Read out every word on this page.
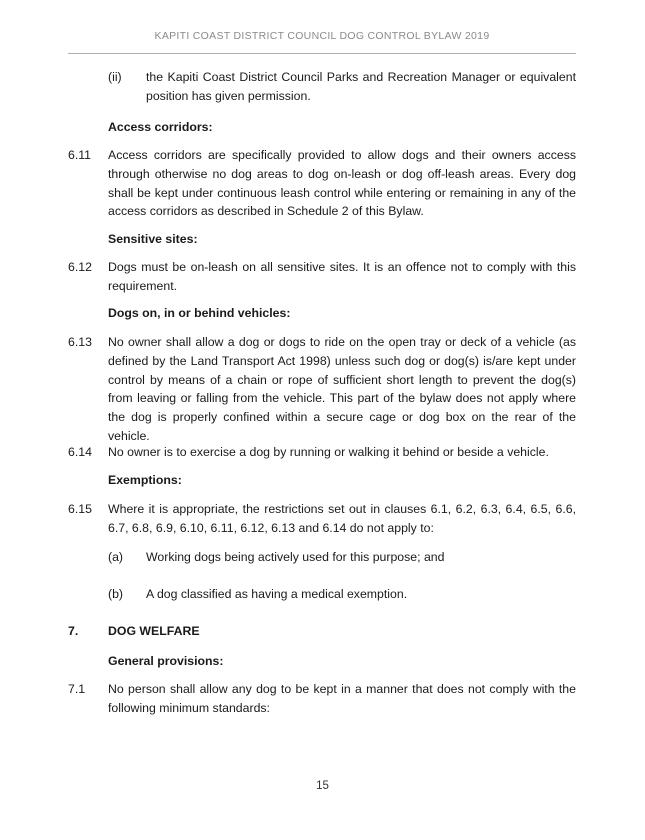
KAPITI COAST DISTRICT COUNCIL DOG CONTROL BYLAW 2019
(ii) the Kapiti Coast District Council Parks and Recreation Manager or equivalent position has given permission.
Access corridors:
6.11 Access corridors are specifically provided to allow dogs and their owners access through otherwise no dog areas to dog on-leash or dog off-leash areas. Every dog shall be kept under continuous leash control while entering or remaining in any of the access corridors as described in Schedule 2 of this Bylaw.
Sensitive sites:
6.12 Dogs must be on-leash on all sensitive sites. It is an offence not to comply with this requirement.
Dogs on, in or behind vehicles:
6.13 No owner shall allow a dog or dogs to ride on the open tray or deck of a vehicle (as defined by the Land Transport Act 1998) unless such dog or dog(s) is/are kept under control by means of a chain or rope of sufficient short length to prevent the dog(s) from leaving or falling from the vehicle. This part of the bylaw does not apply where the dog is properly confined within a secure cage or dog box on the rear of the vehicle.
6.14 No owner is to exercise a dog by running or walking it behind or beside a vehicle.
Exemptions:
6.15 Where it is appropriate, the restrictions set out in clauses 6.1, 6.2, 6.3, 6.4, 6.5, 6.6, 6.7, 6.8, 6.9, 6.10, 6.11, 6.12, 6.13 and 6.14 do not apply to:
(a) Working dogs being actively used for this purpose; and
(b) A dog classified as having a medical exemption.
7. DOG WELFARE
General provisions:
7.1 No person shall allow any dog to be kept in a manner that does not comply with the following minimum standards:
15
